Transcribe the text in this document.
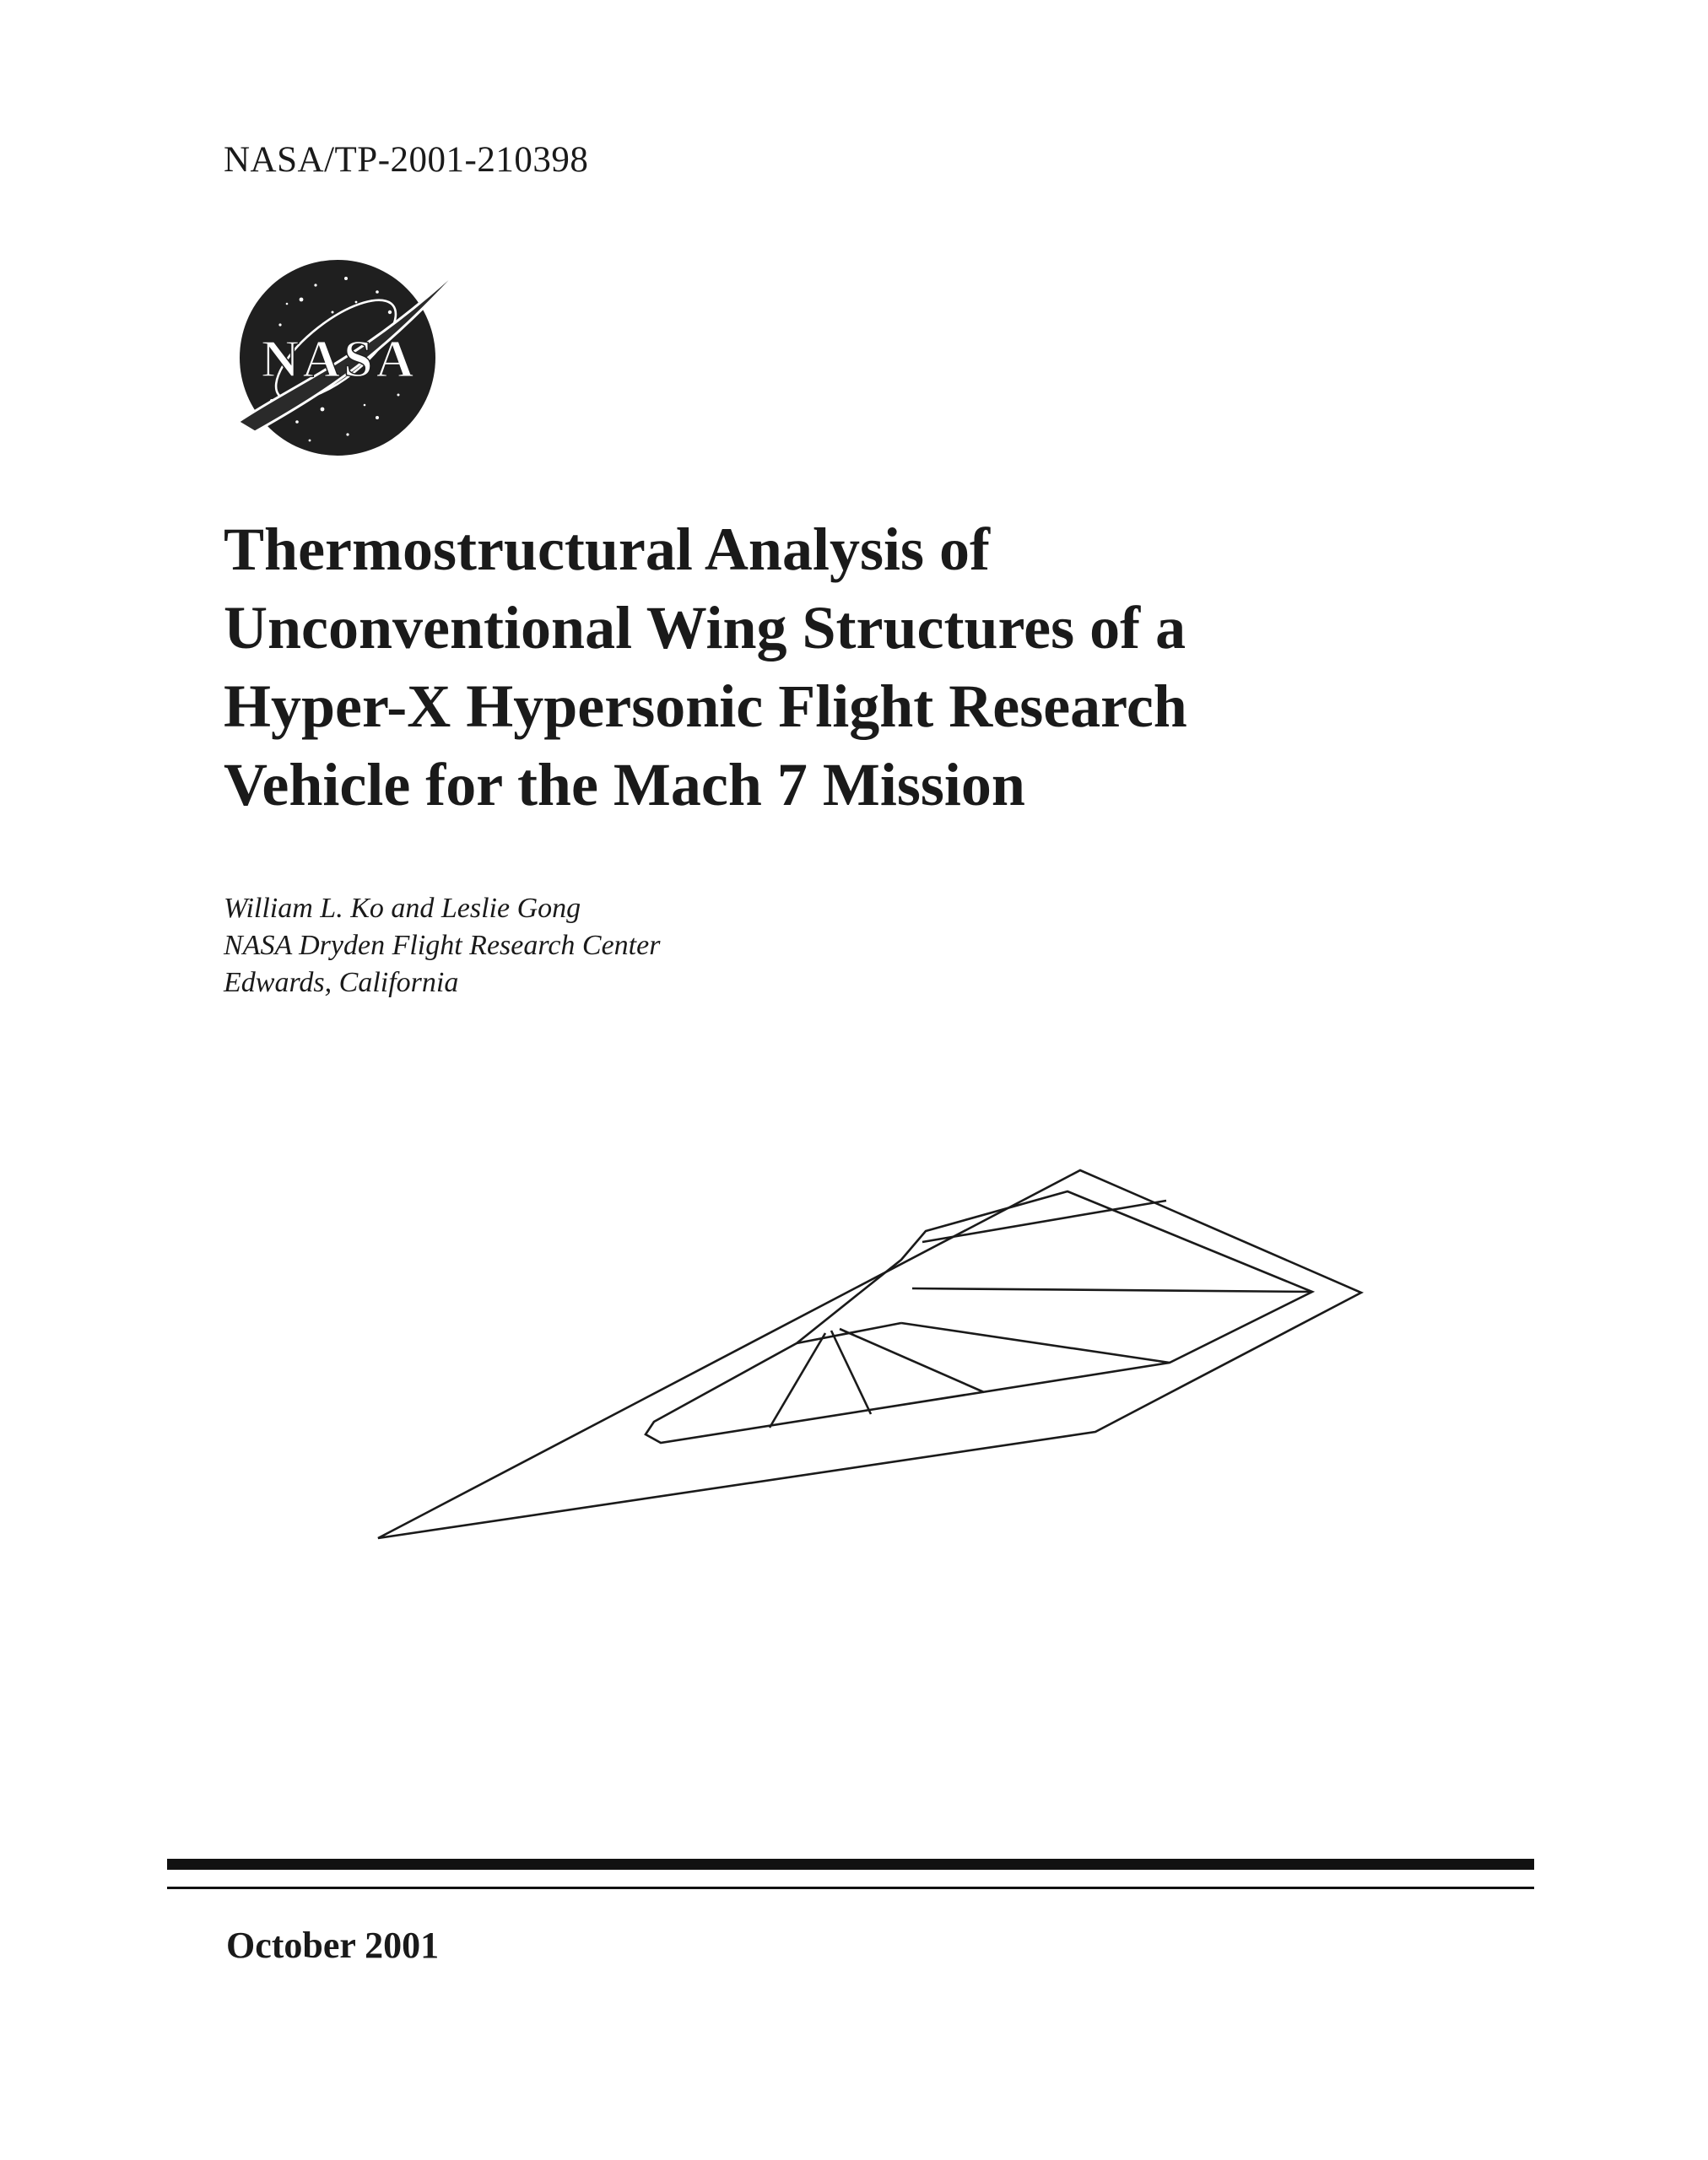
NASA/TP-2001-210398

NASA
Thermostructural Analysis of
Unconventional Wing Structures of a
Hyper-X Hypersonic Flight Research
Vehicle for the Mach 7 Mission
William L. Ko and Leslie Gong
NASA Dryden Flight Research Center
Edwards, California

October 2001
